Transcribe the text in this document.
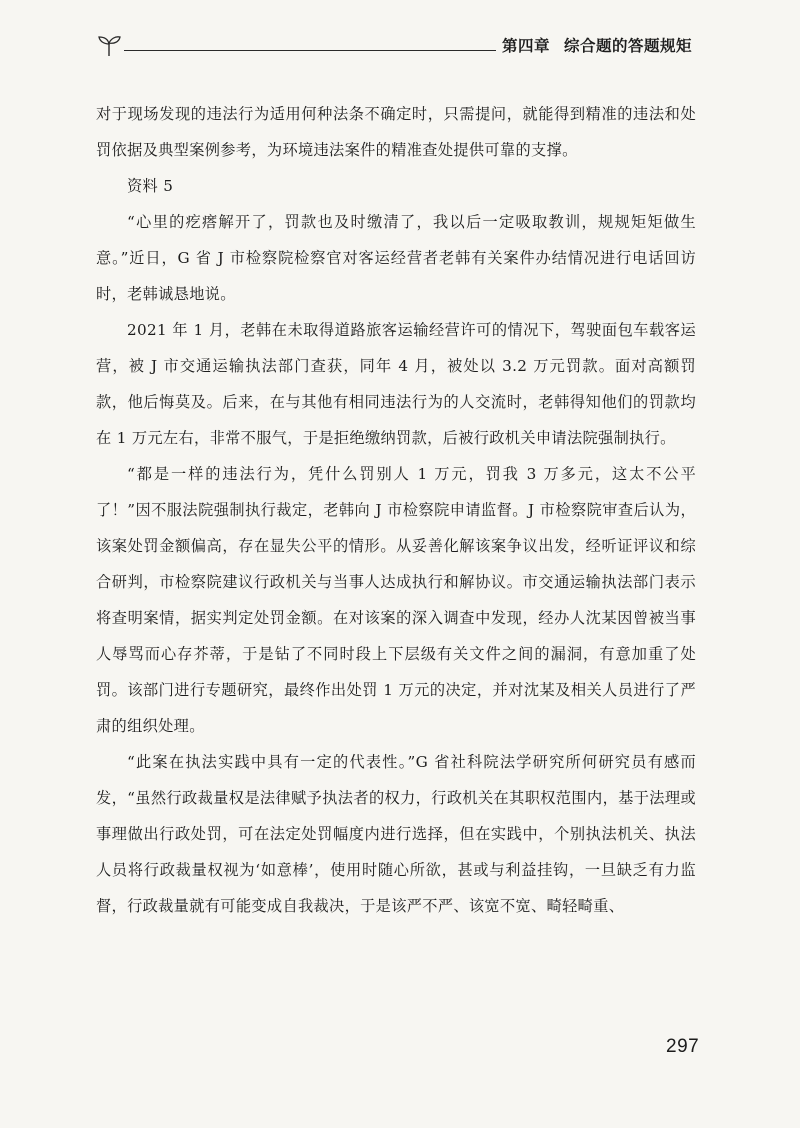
第四章 综合题的答题规矩

对于现场发现的违法行为适用何种法条不确定时，只需提问，就能得到精准的违法和处罚依据及典型案例参考，为环境违法案件的精准查处提供可靠的支撑。

资料 5

“心里的疙瘩解开了，罚款也及时缴清了，我以后一定吸取教训，规规矩矩做生意。”近日，G 省 J 市检察院检察官对客运经营者老韩有关案件办结情况进行电话回访时，老韩诚恳地说。

2021 年 1 月，老韩在未取得道路旅客运输经营许可的情况下，驾驶面包车载客运营，被 J 市交通运输执法部门查获，同年 4 月，被处以 3.2 万元罚款。面对高额罚款，他后悔莫及。后来，在与其他有相同违法行为的人交流时，老韩得知他们的罚款均在 1 万元左右，非常不服气，于是拒绝缴纳罚款，后被行政机关申请法院强制执行。

“都是一样的违法行为，凭什么罚别人 1 万元，罚我 3 万多元，这太不公平了！”因不服法院强制执行裁定，老韩向 J 市检察院申请监督。J 市检察院审查后认为，该案处罚金额偏高，存在显失公平的情形。从妥善化解该案争议出发，经听证评议和综合研判，市检察院建议行政机关与当事人达成执行和解协议。市交通运输执法部门表示将查明案情，据实判定处罚金额。在对该案的深入调查中发现，经办人沈某因曾被当事人辱骂而心存芥蒂，于是钻了不同时段上下层级有关文件之间的漏洞，有意加重了处罚。该部门进行专题研究，最终作出处罚 1 万元的决定，并对沈某及相关人员进行了严肃的组织处理。

“此案在执法实践中具有一定的代表性。”G 省社科院法学研究所何研究员有感而发，“虽然行政裁量权是法律赋予执法者的权力，行政机关在其职权范围内，基于法理或事理做出行政处罚，可在法定处罚幅度内进行选择，但在实践中，个别执法机关、执法人员将行政裁量权视为‘如意棒’，使用时随心所欲，甚或与利益挂钩，一旦缺乏有力监督，行政裁量就有可能变成自我裁决，于是该严不严、该宽不宽、畸轻畸重、

297
